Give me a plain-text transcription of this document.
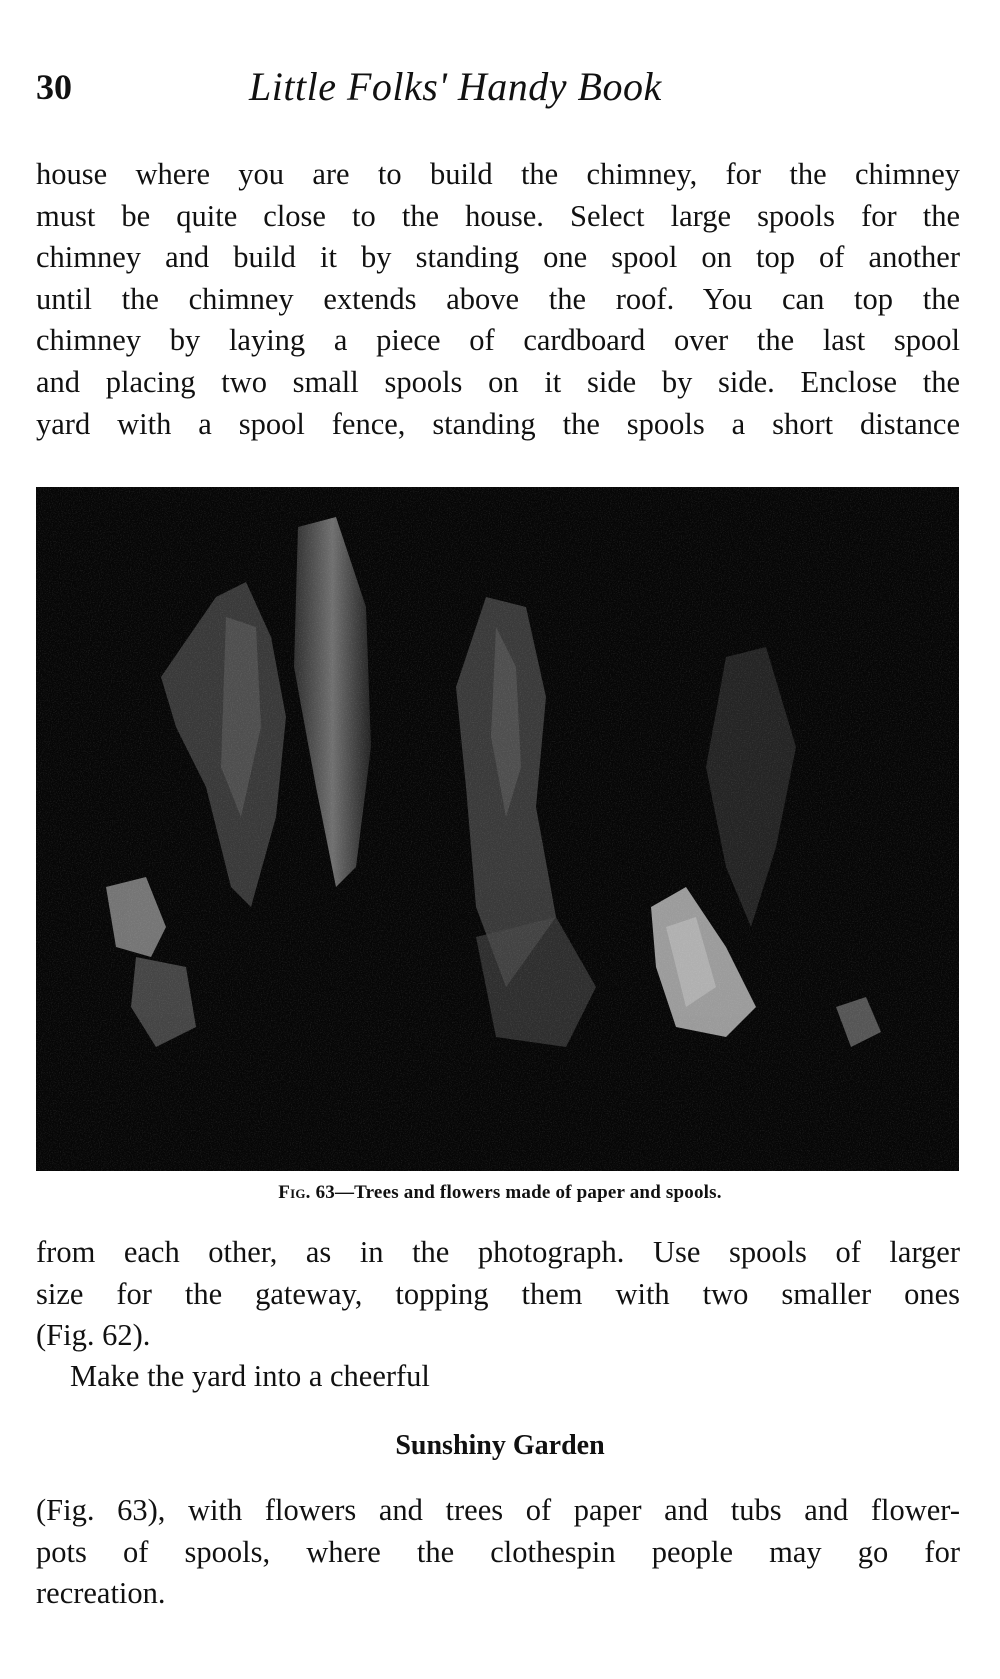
30	Little Folks' Handy Book

house where you are to build the chimney, for the chimney
must be quite close to the house. Select large spools for the
chimney and build it by standing one spool on top of another
until the chimney extends above the roof. You can top the
chimney by laying a piece of cardboard over the last spool
and placing two small spools on it side by side. Enclose the
yard with a spool fence, standing the spools a short distance

Fig. 63—Trees and flowers made of paper and spools.

from each other, as in the photograph. Use spools of larger
size for the gateway, topping them with two smaller ones
(Fig. 62).

Make the yard into a cheerful

Sunshiny Garden

(Fig. 63), with flowers and trees of paper and tubs and flower-
pots of spools, where the clothespin people may go for
recreation.
